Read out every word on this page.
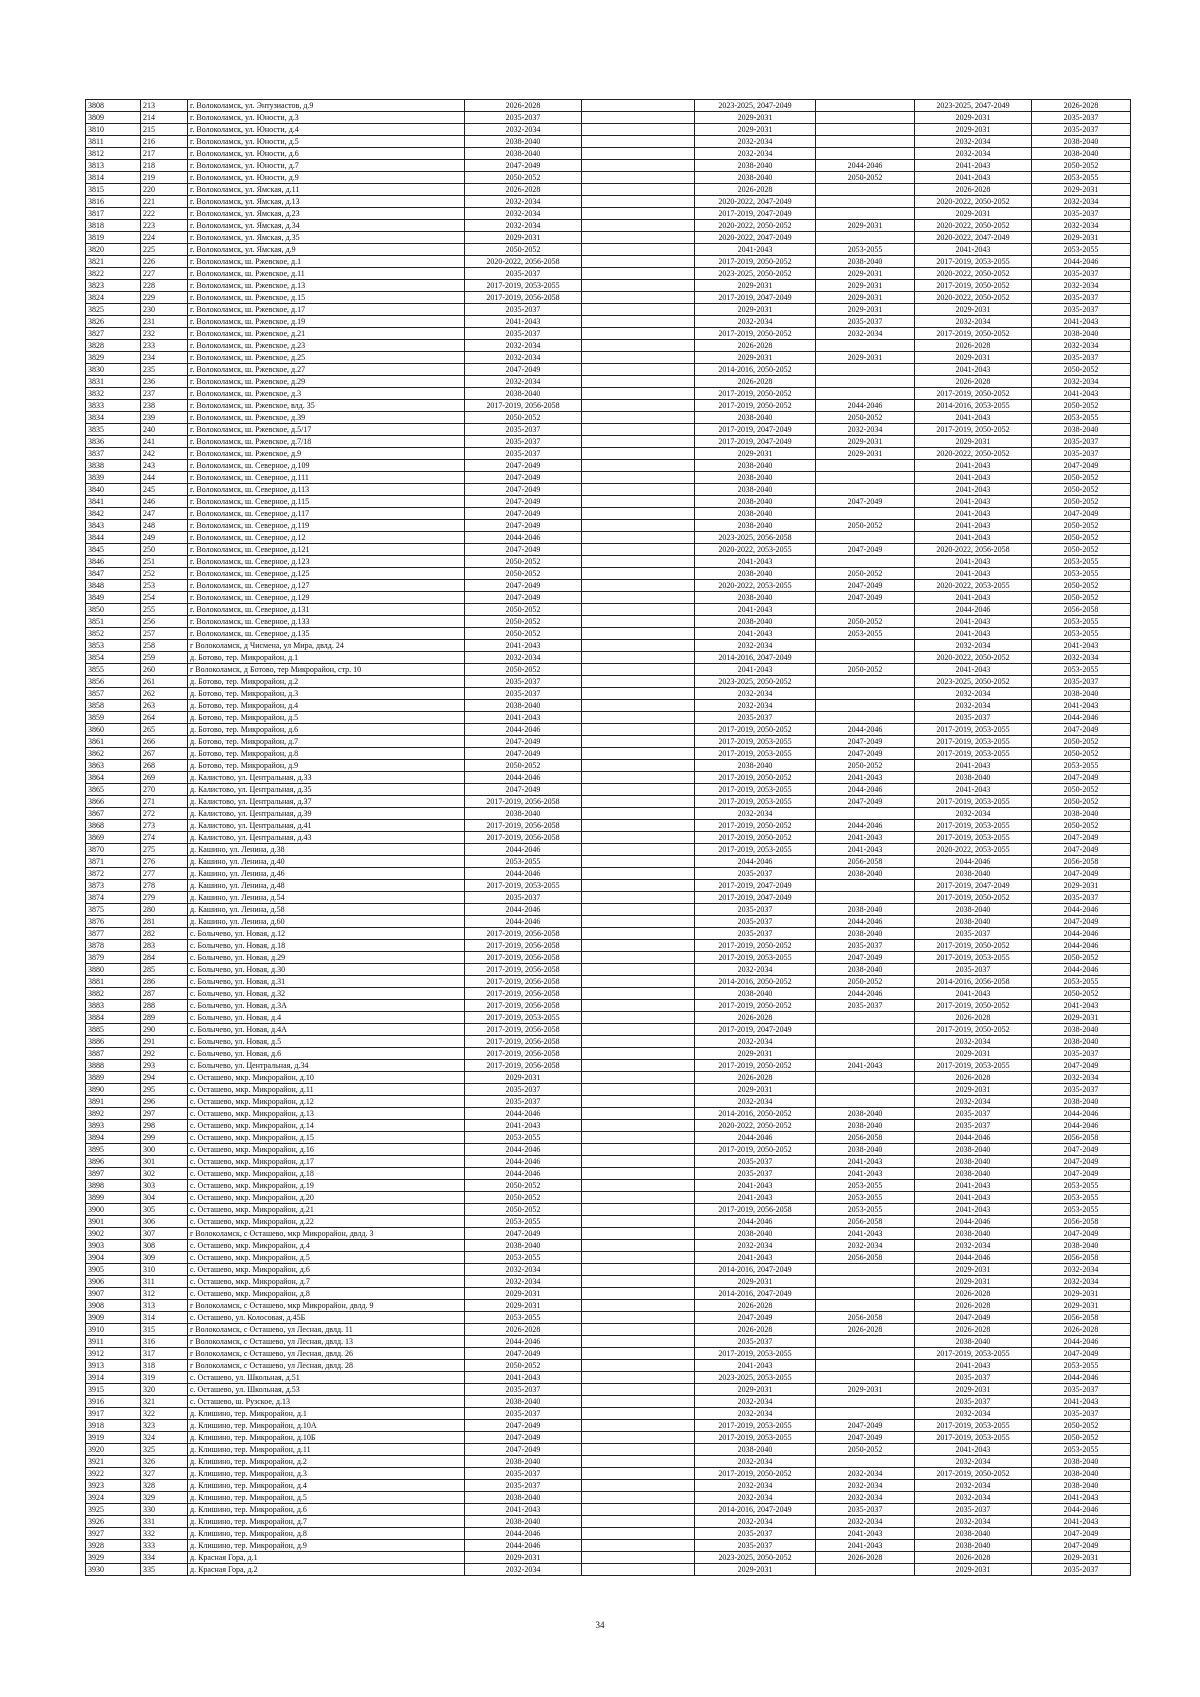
3808	213	г. Волоколамск, ул. Энтузиастов, д.9	2026-2028		2023-2025, 2047-2049		2023-2025, 2047-2049	2026-2028
3809	214	г. Волоколамск, ул. Юности, д.3	2035-2037		2029-2031		2029-2031	2035-2037
3810	215	г. Волоколамск, ул. Юности, д.4	2032-2034		2029-2031		2029-2031	2035-2037
3811	216	г. Волоколамск, ул. Юности, д.5	2038-2040		2032-2034		2032-2034	2038-2040
3812	217	г. Волоколамск, ул. Юности, д.6	2038-2040		2032-2034		2032-2034	2038-2040
3813	218	г. Волоколамск, ул. Юности, д.7	2047-2049		2038-2040	2044-2046	2041-2043	2050-2052
3814	219	г. Волоколамск, ул. Юности, д.9	2050-2052		2038-2040	2050-2052	2041-2043	2053-2055
3815	220	г. Волоколамск, ул. Ямская, д.11	2026-2028		2026-2028		2026-2028	2029-2031
3816	221	г. Волоколамск, ул. Ямская, д.13	2032-2034		2020-2022, 2047-2049		2020-2022, 2050-2052	2032-2034
3817	222	г. Волоколамск, ул. Ямская, д.23	2032-2034		2017-2019, 2047-2049		2029-2031	2035-2037
3818	223	г. Волоколамск, ул. Ямская, д.34	2032-2034		2020-2022, 2050-2052	2029-2031	2020-2022, 2050-2052	2032-2034
3819	224	г. Волоколамск, ул. Ямская, д.35	2029-2031		2020-2022, 2047-2049		2020-2022, 2047-2049	2029-2031
3820	225	г. Волоколамск, ул. Ямская, д.9	2050-2052		2041-2043	2053-2055	2041-2043	2053-2055
3821	226	г. Волоколамск, ш. Ржевское, д.1	2020-2022, 2056-2058		2017-2019, 2050-2052	2038-2040	2017-2019, 2053-2055	2044-2046
3822	227	г. Волоколамск, ш. Ржевское, д.11	2035-2037		2023-2025, 2050-2052	2029-2031	2020-2022, 2050-2052	2035-2037
3823	228	г. Волоколамск, ш. Ржевское, д.13	2017-2019, 2053-2055		2029-2031	2029-2031	2017-2019, 2050-2052	2032-2034
3824	229	г. Волоколамск, ш. Ржевское, д.15	2017-2019, 2056-2058		2017-2019, 2047-2049	2029-2031	2020-2022, 2050-2052	2035-2037
3825	230	г. Волоколамск, ш. Ржевское, д.17	2035-2037		2029-2031	2029-2031	2029-2031	2035-2037
3826	231	г. Волоколамск, ш. Ржевское, д.19	2041-2043		2032-2034	2035-2037	2032-2034	2041-2043
3827	232	г. Волоколамск, ш. Ржевское, д.21	2035-2037		2017-2019, 2050-2052	2032-2034	2017-2019, 2050-2052	2038-2040
3828	233	г. Волоколамск, ш. Ржевское, д.23	2032-2034		2026-2028		2026-2028	2032-2034
3829	234	г. Волоколамск, ш. Ржевское, д.25	2032-2034		2029-2031	2029-2031	2029-2031	2035-2037
3830	235	г. Волоколамск, ш. Ржевское, д.27	2047-2049		2014-2016, 2050-2052		2041-2043	2050-2052
3831	236	г. Волоколамск, ш. Ржевское, д.29	2032-2034		2026-2028		2026-2028	2032-2034
3832	237	г. Волоколамск, ш. Ржевское, д.3	2038-2040		2017-2019, 2050-2052		2017-2019, 2050-2052	2041-2043
3833	238	г. Волоколамск, ш. Ржевское, влд. 35	2017-2019, 2056-2058		2017-2019, 2050-2052	2044-2046	2014-2016, 2053-2055	2050-2052
3834	239	г. Волоколамск, ш. Ржевское, д.39	2050-2052		2038-2040	2050-2052	2041-2043	2053-2055
3835	240	г. Волоколамск, ш. Ржевское, д.5/17	2035-2037		2017-2019, 2047-2049	2032-2034	2017-2019, 2050-2052	2038-2040
3836	241	г. Волоколамск, ш. Ржевское, д.7/18	2035-2037		2017-2019, 2047-2049	2029-2031	2029-2031	2035-2037
3837	242	г. Волоколамск, ш. Ржевское, д.9	2035-2037		2029-2031	2029-2031	2020-2022, 2050-2052	2035-2037
3838	243	г. Волоколамск, ш. Северное, д.109	2047-2049		2038-2040		2041-2043	2047-2049
3839	244	г. Волоколамск, ш. Северное, д.111	2047-2049		2038-2040		2041-2043	2050-2052
3840	245	г. Волоколамск, ш. Северное, д.113	2047-2049		2038-2040		2041-2043	2050-2052
3841	246	г. Волоколамск, ш. Северное, д.115	2047-2049		2038-2040	2047-2049	2041-2043	2050-2052
3842	247	г. Волоколамск, ш. Северное, д.117	2047-2049		2038-2040		2041-2043	2047-2049
3843	248	г. Волоколамск, ш. Северное, д.119	2047-2049		2038-2040	2050-2052	2041-2043	2050-2052
3844	249	г. Волоколамск, ш. Северное, д.12	2044-2046		2023-2025, 2056-2058		2041-2043	2050-2052
3845	250	г. Волоколамск, ш. Северное, д.121	2047-2049		2020-2022, 2053-2055	2047-2049	2020-2022, 2056-2058	2050-2052
3846	251	г. Волоколамск, ш. Северное, д.123	2050-2052		2041-2043		2041-2043	2053-2055
3847	252	г. Волоколамск, ш. Северное, д.125	2050-2052		2038-2040	2050-2052	2041-2043	2053-2055
3848	253	г. Волоколамск, ш. Северное, д.127	2047-2049		2020-2022, 2053-2055	2047-2049	2020-2022, 2053-2055	2050-2052
3849	254	г. Волоколамск, ш. Северное, д.129	2047-2049		2038-2040	2047-2049	2041-2043	2050-2052
3850	255	г. Волоколамск, ш. Северное, д.131	2050-2052		2041-2043		2044-2046	2056-2058
3851	256	г. Волоколамск, ш. Северное, д.133	2050-2052		2038-2040	2050-2052	2041-2043	2053-2055
3852	257	г. Волоколамск, ш. Северное, д.135	2050-2052		2041-2043	2053-2055	2041-2043	2053-2055
3853	258	г Волоколамск, д Чисмена, ул Мира, двлд. 24	2041-2043		2032-2034		2032-2034	2041-2043
3854	259	д. Ботово, тер. Микрорайон, д.1	2032-2034		2014-2016, 2047-2049		2020-2022, 2050-2052	2032-2034
3855	260	г Волоколамск, д Ботово, тер Микрорайон, стр. 10	2050-2052		2041-2043	2050-2052	2041-2043	2053-2055
3856	261	д. Ботово, тер. Микрорайон, д.2	2035-2037		2023-2025, 2050-2052		2023-2025, 2050-2052	2035-2037
3857	262	д. Ботово, тер. Микрорайон, д.3	2035-2037		2032-2034		2032-2034	2038-2040
3858	263	д. Ботово, тер. Микрорайон, д.4	2038-2040		2032-2034		2032-2034	2041-2043
3859	264	д. Ботово, тер. Микрорайон, д.5	2041-2043		2035-2037		2035-2037	2044-2046
3860	265	д. Ботово, тер. Микрорайон, д.6	2044-2046		2017-2019, 2050-2052	2044-2046	2017-2019, 2053-2055	2047-2049
3861	266	д. Ботово, тер. Микрорайон, д.7	2047-2049		2017-2019, 2053-2055	2047-2049	2017-2019, 2053-2055	2050-2052
3862	267	д. Ботово, тер. Микрорайон, д.8	2047-2049		2017-2019, 2053-2055	2047-2049	2017-2019, 2053-2055	2050-2052
3863	268	д. Ботово, тер. Микрорайон, д.9	2050-2052		2038-2040	2050-2052	2041-2043	2053-2055
3864	269	д. Калистово, ул. Центральная, д.33	2044-2046		2017-2019, 2050-2052	2041-2043	2038-2040	2047-2049
3865	270	д. Калистово, ул. Центральная, д.35	2047-2049		2017-2019, 2053-2055	2044-2046	2041-2043	2050-2052
3866	271	д. Калистово, ул. Центральная, д.37	2017-2019, 2056-2058		2017-2019, 2053-2055	2047-2049	2017-2019, 2053-2055	2050-2052
3867	272	д. Калистово, ул. Центральная, д.39	2038-2040		2032-2034		2032-2034	2038-2040
3868	273	д. Калистово, ул. Центральная, д.41	2017-2019, 2056-2058		2017-2019, 2050-2052	2044-2046	2017-2019, 2053-2055	2050-2052
3869	274	д. Калистово, ул. Центральная, д.43	2017-2019, 2056-2058		2017-2019, 2050-2052	2041-2043	2017-2019, 2053-2055	2047-2049
3870	275	д. Кашино, ул. Ленина, д.38	2044-2046		2017-2019, 2053-2055	2041-2043	2020-2022, 2053-2055	2047-2049
3871	276	д. Кашино, ул. Ленина, д.40	2053-2055		2044-2046	2056-2058	2044-2046	2056-2058
3872	277	д. Кашино, ул. Ленина, д.46	2044-2046		2035-2037	2038-2040	2038-2040	2047-2049
3873	278	д. Кашино, ул. Ленина, д.48	2017-2019, 2053-2055		2017-2019, 2047-2049		2017-2019, 2047-2049	2029-2031
3874	279	д. Кашино, ул. Ленина, д.54	2035-2037		2017-2019, 2047-2049		2017-2019, 2050-2052	2035-2037
3875	280	д. Кашино, ул. Ленина, д.58	2044-2046		2035-2037	2038-2040	2038-2040	2044-2046
3876	281	д. Кашино, ул. Ленина, д.60	2044-2046		2035-2037	2044-2046	2038-2040	2047-2049
3877	282	с. Болычево, ул. Новая, д.12	2017-2019, 2056-2058		2035-2037	2038-2040	2035-2037	2044-2046
3878	283	с. Болычево, ул. Новая, д.18	2017-2019, 2056-2058		2017-2019, 2050-2052	2035-2037	2017-2019, 2050-2052	2044-2046
3879	284	с. Болычево, ул. Новая, д.29	2017-2019, 2056-2058		2017-2019, 2053-2055	2047-2049	2017-2019, 2053-2055	2050-2052
3880	285	с. Болычево, ул. Новая, д.30	2017-2019, 2056-2058		2032-2034	2038-2040	2035-2037	2044-2046
3881	286	с. Болычево, ул. Новая, д.31	2017-2019, 2056-2058		2014-2016, 2050-2052	2050-2052	2014-2016, 2056-2058	2053-2055
3882	287	с. Болычево, ул. Новая, д.32	2017-2019, 2056-2058		2038-2040	2044-2046	2041-2043	2050-2052
3883	288	с. Болычево, ул. Новая, д.3А	2017-2019, 2056-2058		2017-2019, 2050-2052	2035-2037	2017-2019, 2050-2052	2041-2043
3884	289	с. Болычево, ул. Новая, д.4	2017-2019, 2053-2055		2026-2028		2026-2028	2029-2031
3885	290	с. Болычево, ул. Новая, д.4А	2017-2019, 2056-2058		2017-2019, 2047-2049		2017-2019, 2050-2052	2038-2040
3886	291	с. Болычево, ул. Новая, д.5	2017-2019, 2056-2058		2032-2034		2032-2034	2038-2040
3887	292	с. Болычево, ул. Новая, д.6	2017-2019, 2056-2058		2029-2031		2029-2031	2035-2037
3888	293	с. Болычево, ул. Центральная, д.34	2017-2019, 2056-2058		2017-2019, 2050-2052	2041-2043	2017-2019, 2053-2055	2047-2049
3889	294	с. Осташево, мкр. Микрорайон, д.10	2029-2031		2026-2028		2026-2028	2032-2034
3890	295	с. Осташево, мкр. Микрорайон, д.11	2035-2037		2029-2031		2029-2031	2035-2037
3891	296	с. Осташево, мкр. Микрорайон, д.12	2035-2037		2032-2034		2032-2034	2038-2040
3892	297	с. Осташево, мкр. Микрорайон, д.13	2044-2046		2014-2016, 2050-2052	2038-2040	2035-2037	2044-2046
3893	298	с. Осташево, мкр. Микрорайон, д.14	2041-2043		2020-2022, 2050-2052	2038-2040	2035-2037	2044-2046
3894	299	с. Осташево, мкр. Микрорайон, д.15	2053-2055		2044-2046	2056-2058	2044-2046	2056-2058
3895	300	с. Осташево, мкр. Микрорайон, д.16	2044-2046		2017-2019, 2050-2052	2038-2040	2038-2040	2047-2049
3896	301	с. Осташево, мкр. Микрорайон, д.17	2044-2046		2035-2037	2041-2043	2038-2040	2047-2049
3897	302	с. Осташево, мкр. Микрорайон, д.18	2044-2046		2035-2037	2041-2043	2038-2040	2047-2049
3898	303	с. Осташево, мкр. Микрорайон, д.19	2050-2052		2041-2043	2053-2055	2041-2043	2053-2055
3899	304	с. Осташево, мкр. Микрорайон, д.20	2050-2052		2041-2043	2053-2055	2041-2043	2053-2055
3900	305	с. Осташево, мкр. Микрорайон, д.21	2050-2052		2017-2019, 2056-2058	2053-2055	2041-2043	2053-2055
3901	306	с. Осташево, мкр. Микрорайон, д.22	2053-2055		2044-2046	2056-2058	2044-2046	2056-2058
3902	307	г Волоколамск, с Осташево, мкр Микрорайон, двлд. 3	2047-2049		2038-2040	2041-2043	2038-2040	2047-2049
3903	308	с. Осташево, мкр. Микрорайон, д.4	2038-2040		2032-2034	2032-2034	2032-2034	2038-2040
3904	309	с. Осташево, мкр. Микрорайон, д.5	2053-2055		2041-2043	2056-2058	2044-2046	2056-2058
3905	310	с. Осташево, мкр. Микрорайон, д.6	2032-2034		2014-2016, 2047-2049		2029-2031	2032-2034
3906	311	с. Осташево, мкр. Микрорайон, д.7	2032-2034		2029-2031		2029-2031	2032-2034
3907	312	с. Осташево, мкр. Микрорайон, д.8	2029-2031		2014-2016, 2047-2049		2026-2028	2029-2031
3908	313	г Волоколамск, с Осташево, мкр Микрорайон, двлд. 9	2029-2031		2026-2028		2026-2028	2029-2031
3909	314	с. Осташево, ул. Колосовая, д.45Б	2053-2055		2047-2049	2056-2058	2047-2049	2056-2058
3910	315	г Волоколамск, с Осташево, ул Лесная, двлд. 11	2026-2028		2026-2028	2026-2028	2026-2028	2026-2028
3911	316	г Волоколамск, с Осташево, ул Лесная, двлд. 13	2044-2046		2035-2037		2038-2040	2044-2046
3912	317	г Волоколамск, с Осташево, ул Лесная, двлд. 26	2047-2049		2017-2019, 2053-2055		2017-2019, 2053-2055	2047-2049
3913	318	г Волоколамск, с Осташево, ул Лесная, двлд. 28	2050-2052		2041-2043		2041-2043	2053-2055
3914	319	с. Осташево, ул. Школьная, д.51	2041-2043		2023-2025, 2053-2055		2035-2037	2044-2046
3915	320	с. Осташево, ул. Школьная, д.53	2035-2037		2029-2031	2029-2031	2029-2031	2035-2037
3916	321	с. Осташево, ш. Рузское, д.13	2038-2040		2032-2034		2035-2037	2041-2043
3917	322	д. Клишино, тер. Микрорайон, д.1	2035-2037		2032-2034		2032-2034	2035-2037
3918	323	д. Клишино, тер. Микрорайон, д.10А	2047-2049		2017-2019, 2053-2055	2047-2049	2017-2019, 2053-2055	2050-2052
3919	324	д. Клишино, тер. Микрорайон, д.10Б	2047-2049		2017-2019, 2053-2055	2047-2049	2017-2019, 2053-2055	2050-2052
3920	325	д. Клишино, тер. Микрорайон, д.11	2047-2049		2038-2040	2050-2052	2041-2043	2053-2055
3921	326	д. Клишино, тер. Микрорайон, д.2	2038-2040		2032-2034		2032-2034	2038-2040
3922	327	д. Клишино, тер. Микрорайон, д.3	2035-2037		2017-2019, 2050-2052	2032-2034	2017-2019, 2050-2052	2038-2040
3923	328	д. Клишино, тер. Микрорайон, д.4	2035-2037		2032-2034	2032-2034	2032-2034	2038-2040
3924	329	д. Клишино, тер. Микрорайон, д.5	2038-2040		2032-2034	2032-2034	2032-2034	2041-2043
3925	330	д. Клишино, тер. Микрорайон, д.6	2041-2043		2014-2016, 2047-2049	2035-2037	2035-2037	2044-2046
3926	331	д. Клишино, тер. Микрорайон, д.7	2038-2040		2032-2034	2032-2034	2032-2034	2041-2043
3927	332	д. Клишино, тер. Микрорайон, д.8	2044-2046		2035-2037	2041-2043	2038-2040	2047-2049
3928	333	д. Клишино, тер. Микрорайон, д.9	2044-2046		2035-2037	2041-2043	2038-2040	2047-2049
3929	334	д. Красная Гора, д.1	2029-2031		2023-2025, 2050-2052	2026-2028	2026-2028	2029-2031
3930	335	д. Красная Гора, д.2	2032-2034		2029-2031		2029-2031	2035-2037
34
